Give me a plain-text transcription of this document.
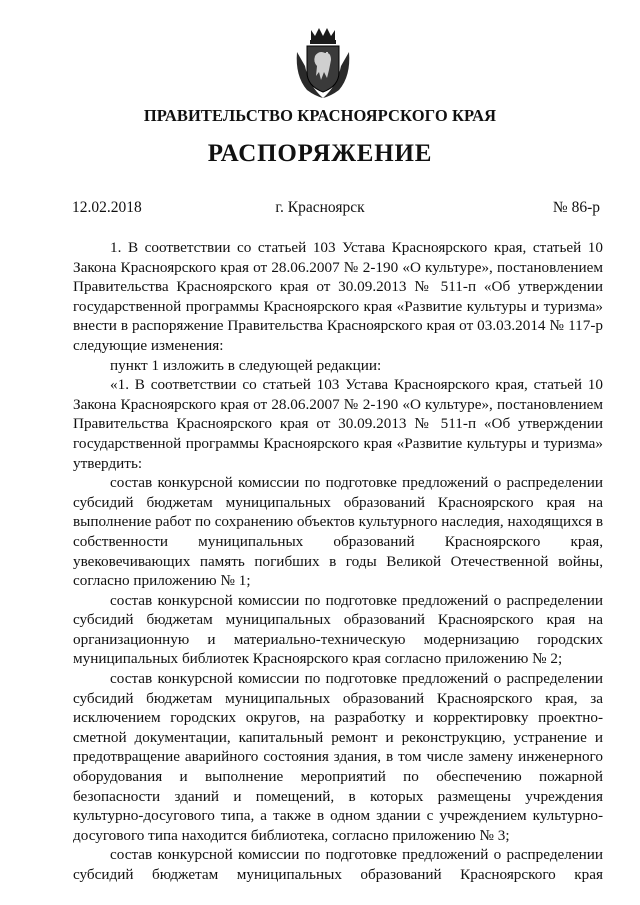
ПРАВИТЕЛЬСТВО КРАСНОЯРСКОГО КРАЯ
РАСПОРЯЖЕНИЕ
12.02.2018	г. Красноярск	№ 86-р

1. В соответствии со статьей 103 Устава Красноярского края, статьей 10 Закона Красноярского края от 28.06.2007 № 2-190 «О культуре», постановлением Правительства Красноярского края от 30.09.2013 № 511-п «Об утверждении государственной программы Красноярского края «Развитие культуры и туризма» внести в распоряжение Правительства Красноярского края от 03.03.2014 № 117-р следующие изменения:

пункт 1 изложить в следующей редакции:

«1. В соответствии со статьей 103 Устава Красноярского края, статьей 10 Закона Красноярского края от 28.06.2007 № 2-190 «О культуре», постановлением Правительства Красноярского края от 30.09.2013 № 511-п «Об утверждении государственной программы Красноярского края «Развитие культуры и туризма» утвердить:

состав конкурсной комиссии по подготовке предложений о распределении субсидий бюджетам муниципальных образований Красноярского края на выполнение работ по сохранению объектов культурного наследия, находящихся в собственности муниципальных образований Красноярского края, увековечивающих память погибших в годы Великой Отечественной войны, согласно приложению № 1;

состав конкурсной комиссии по подготовке предложений о распределении субсидий бюджетам муниципальных образований Красноярского края на организационную и материально-техническую модернизацию городских муниципальных библиотек Красноярского края согласно приложению № 2;

состав конкурсной комиссии по подготовке предложений о распределении субсидий бюджетам муниципальных образований Красноярского края, за исключением городских округов, на разработку и корректировку проектно-сметной документации, капитальный ремонт и реконструкцию, устранение и предотвращение аварийного состояния здания, в том числе замену инженерного оборудования и выполнение мероприятий по обеспечению пожарной безопасности зданий и помещений, в которых размещены учреждения культурно-досугового типа, а также в одном здании с учреждением культурно-досугового типа находится библиотека, согласно приложению № 3;

состав конкурсной комиссии по подготовке предложений о распределении субсидий бюджетам муниципальных образований Красноярского края
